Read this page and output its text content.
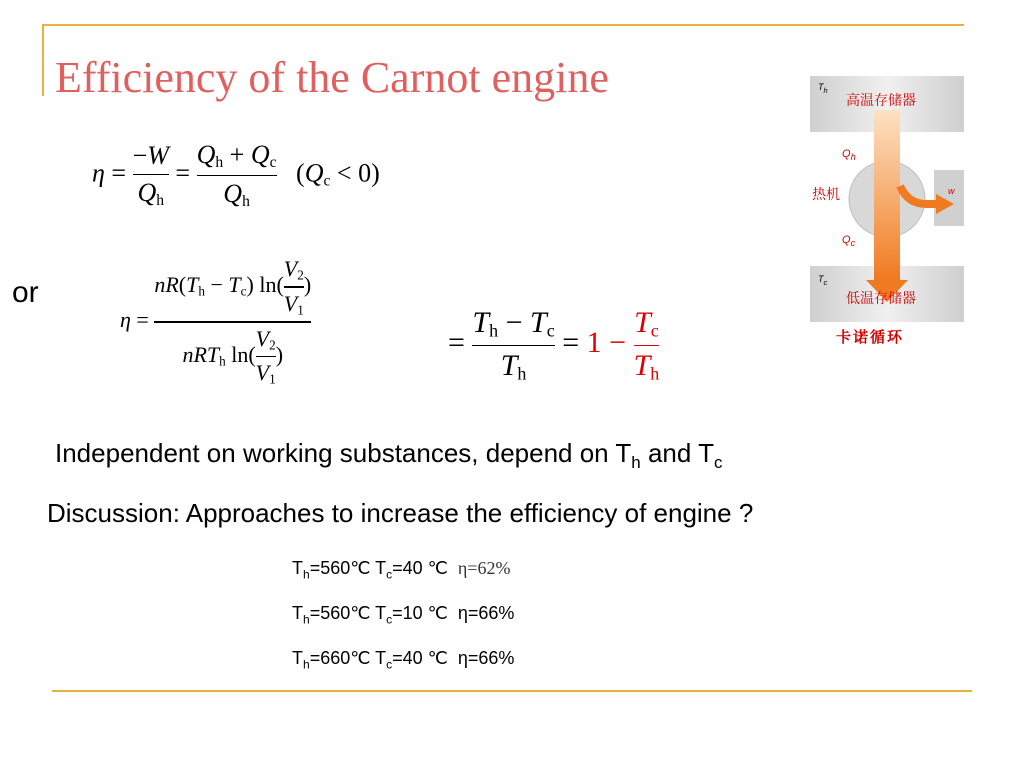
Efficiency of the Carnot engine
$\eta = \frac{-W}{Q_h} = \frac{Q_h + Q_c}{Q_h} (Q_c < 0)$
or
$\eta = \frac{nR(T_h - T_c) \ln( \frac{V_2}{V_1} )}{nRT_h \ln( \frac{V_2}{V_1} )}$	= $\frac{T_h - T_c}{T_h} = 1 - \frac{T_c}{T_h}$
高温存储器
$T_h$
$Q_h$
热机	w
$Q_c$
$T_c$
低温存储器
卡诺循环
Independent on working substances, depend on $T_h$ and $T_c$
Discussion: Approaches to increase the efficiency of engine ?
$T_h=560℃$ $T_c=40$ ℃ η=62%
$T_h=560℃$ $T_c=10$ ℃ η=66%
$T_h=660℃$ $T_c=40$ ℃ η=66%
